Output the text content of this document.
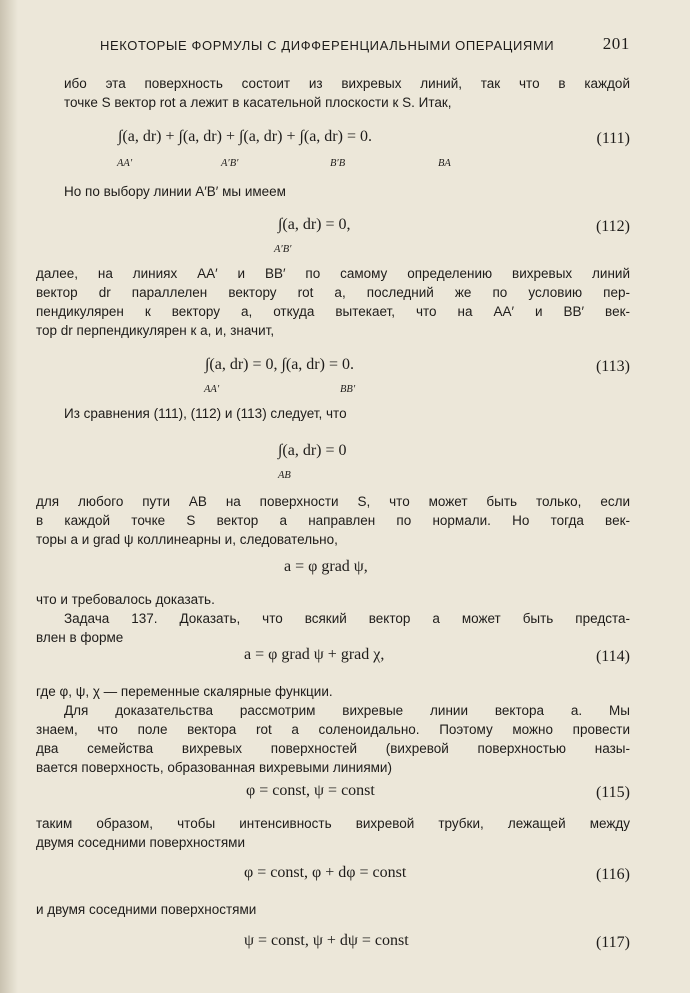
НЕКОТОРЫЕ ФОРМУЛЫ С ДИФФЕРЕНЦИАЛЬНЫМИ ОПЕРАЦИЯМИ	201
ибо эта поверхность состоит из вихревых линий, так что в каждой
точке S вектор rot a лежит в касательной плоскости к S. Итак,
∫(a, dr) + ∫(a, dr) + ∫(a, dr) + ∫(a, dr) = 0.
AA′	A′B′	B′B	BA
(111)
Но по выбору линии A′B′ мы имеем
∫(a, dr) = 0,
A′B′
(112)
далее, на линиях AA′ и BB′ по самому определению вихревых линий
вектор dr параллелен вектору rot a, последний же по условию пер-
пендикулярен к вектору a, откуда вытекает, что на AA′ и BB′ век-
тор dr перпендикулярен к a, и, значит,
∫(a, dr) = 0, ∫(a, dr) = 0.
AA′	BB′
(113)
Из сравнения (111), (112) и (113) следует, что
∫(a, dr) = 0
AB
для любого пути AB на поверхности S, что может быть только, если
в каждой точке S вектор a направлен по нормали. Но тогда век-
торы a и grad ψ коллинеарны и, следовательно,
a = φ grad ψ,
что и требовалось доказать.
Задача 137. Доказать, что всякий вектор a может быть предста-
влен в форме
a = φ grad ψ + grad χ,	(114)
где φ, ψ, χ — переменные скалярные функции.
Для доказательства рассмотрим вихревые линии вектора a. Мы
знаем, что поле вектора rot a соленоидально. Поэтому можно провести
два семейства вихревых поверхностей (вихревой поверхностью назы-
вается поверхность, образованная вихревыми линиями)
φ = const, ψ = const	(115)
таким образом, чтобы интенсивность вихревой трубки, лежащей между
двумя соседними поверхностями
φ = const, φ + dφ = const	(116)
и двумя соседними поверхностями
ψ = const, ψ + dψ = const	(117)
